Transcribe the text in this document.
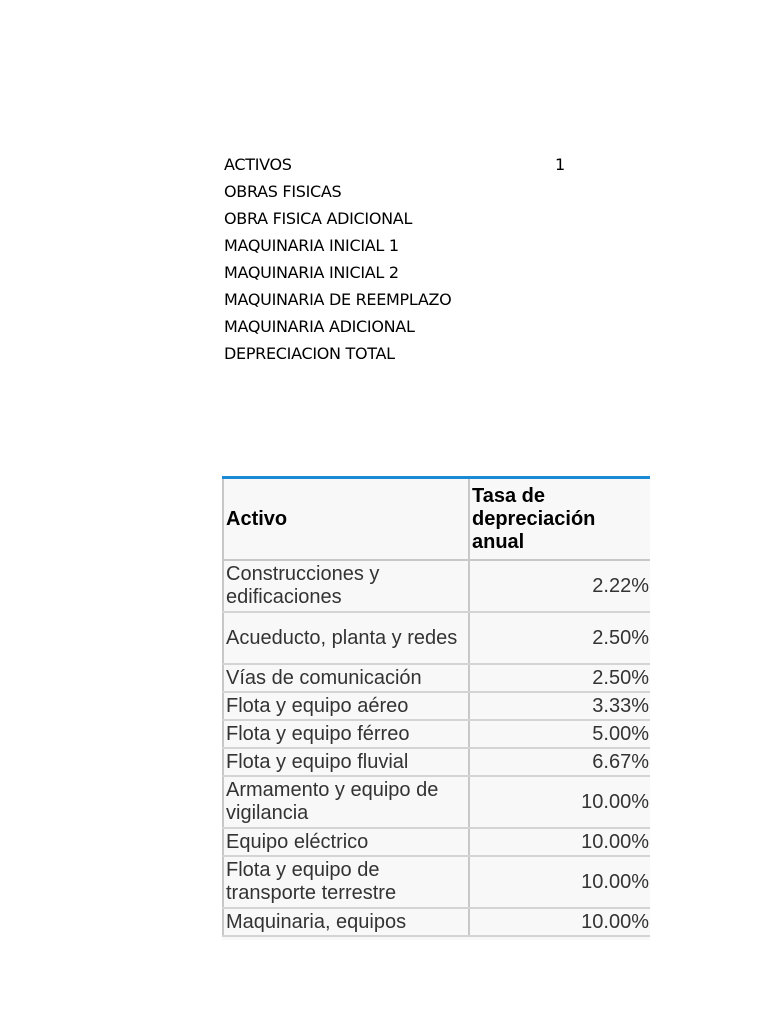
ACTIVOS	1
OBRAS FISICAS
OBRA FISICA ADICIONAL
MAQUINARIA INICIAL 1
MAQUINARIA INICIAL 2
MAQUINARIA DE REEMPLAZO
MAQUINARIA ADICIONAL
DEPRECIACION TOTAL
Activo	Tasa de depreciación anual
Construcciones y edificaciones	2.22%
Acueducto, planta y redes	2.50%
Vías de comunicación	2.50%
Flota y equipo aéreo	3.33%
Flota y equipo férreo	5.00%
Flota y equipo fluvial	6.67%
Armamento y equipo de vigilancia	10.00%
Equipo eléctrico	10.00%
Flota y equipo de transporte terrestre	10.00%
Maquinaria, equipos	10.00%
